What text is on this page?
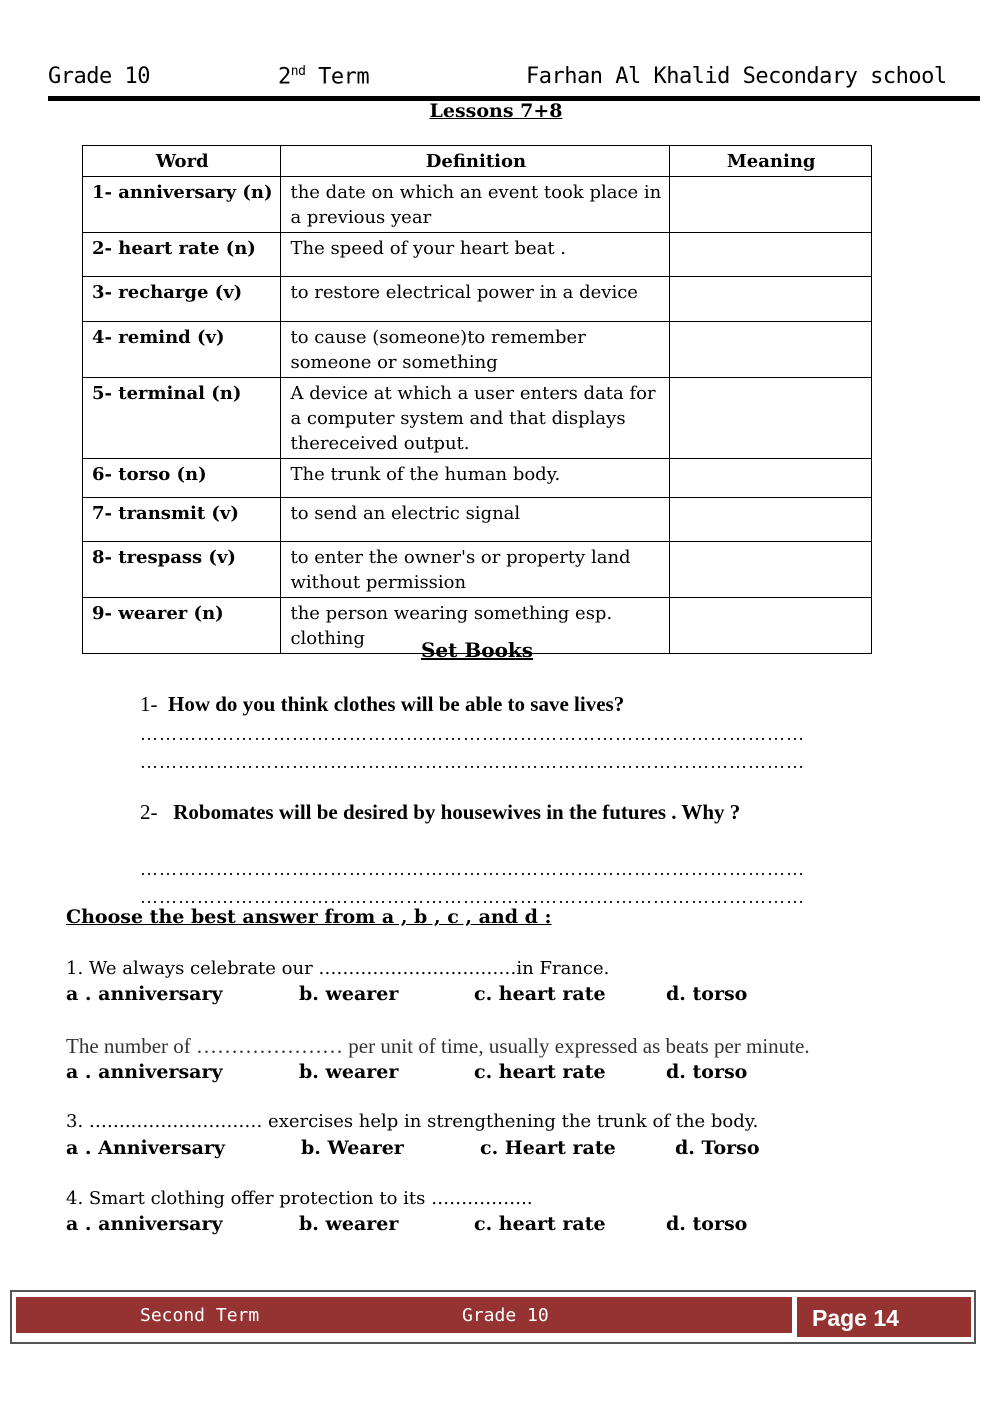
Grade 10	2nd Term	Farhan Al Khalid Secondary school
Lessons 7+8
Word	Definition	Meaning
1- anniversary (n)	the date on which an event took place in a previous year	
2- heart rate (n)	The speed of your heart beat .	
3- recharge (v)	to restore electrical power in a device	
4- remind (v)	to cause (someone)to remember someone or something	
5- terminal (n)	A device at which a user enters data for a computer system and that displays thereceived output.	
6- torso (n)	The trunk of the human body.	
7- transmit (v)	to send an electric signal	
8- trespass (v)	to enter the owner's or property land without permission	
9- wearer (n)	the person wearing something esp. clothing		Set Books
1- How do you think clothes will be able to save lives?
……………………………………………………………………………………………
……………………………………………………………………………………………
2- Robomates will be desired by housewives in the futures . Why ?
……………………………………………………………………………………………
……………………………………………………………………………………………
Choose the best answer from a , b , c , and d :
1. We always celebrate our ……………………………in France.
a . anniversary	b. wearer	c. heart rate	d. torso
The number of ………………… per unit of time, usually expressed as beats per minute.
a . anniversary	b. wearer	c. heart rate	d. torso
3. ……..………………… exercises help in strengthening the trunk of the body.
a . Anniversary	b. Wearer	c. Heart rate	d. Torso
4. Smart clothing offer protection to its ……………..
a . anniversary	b. wearer	c. heart rate	d. torso
Second Term	Grade 10	Page 14
